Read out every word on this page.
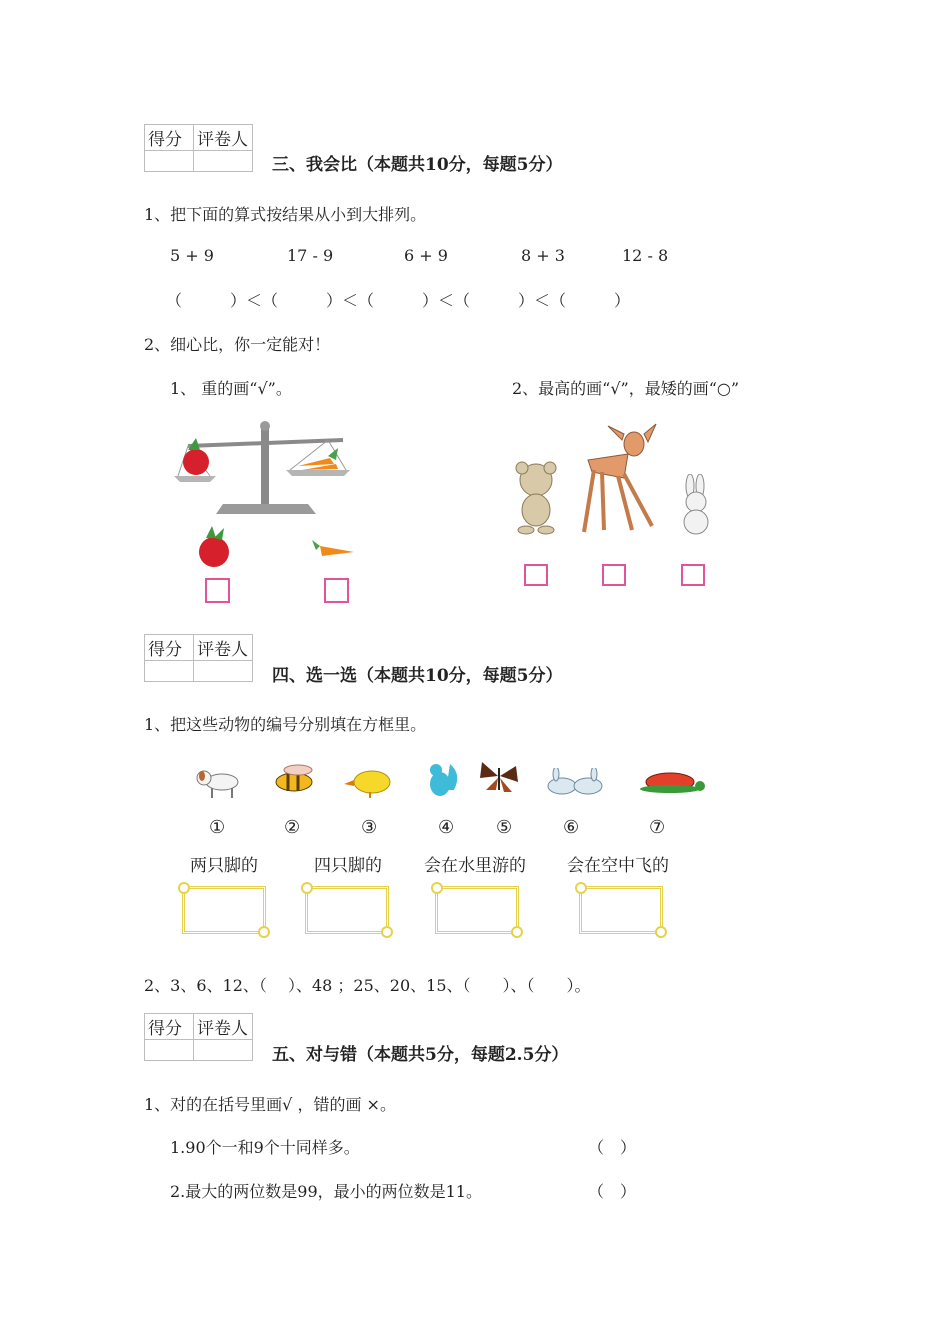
得分	评卷人

三、我会比（本题共10分，每题5分）
1、把下面的算式按结果从小到大排列。
5 + 9	17 - 9	6 + 9	8 + 3	12 - 8
（　　　）＜（　　　）＜（　　　）＜（　　　）＜（　　　）
2、细心比，你一定能对！
1、 重的画“√”。	2、最高的画“√”，最矮的画“○”
得分	评卷人

四、选一选（本题共10分，每题5分）
1、把这些动物的编号分别填在方框里。
①	②	③	④ ⑤	⑥	⑦
两只脚的	四只脚的 会在水里游的 会在空中飞的
2、3、6、12、（　 ）、48 ；25、20、15、（　　）、（　　）。
得分	评卷人

五、对与错（本题共5分，每题2.5分）
1、对的在括号里画√ ，错的画 ×。
1.90个一和9个十同样多。	（　）
2.最大的两位数是99，最小的两位数是11。	（　）
